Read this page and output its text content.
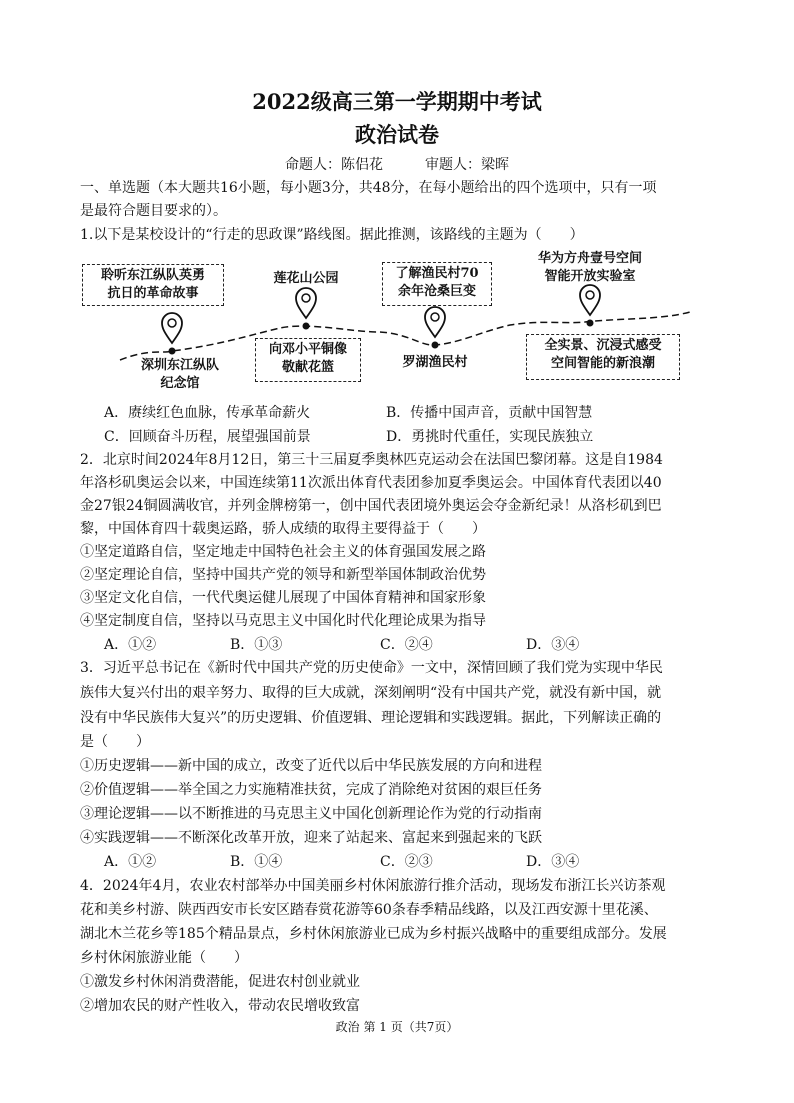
2022级高三第一学期期中考试
政治试卷
命题人：陈侣花　　　审题人：梁晖
一、单选题（本大题共16小题，每小题3分，共48分，在每小题给出的四个选项中，只有一项
是最符合题目要求的）。
1.以下是某校设计的“行走的思政课”路线图。据此推测，该路线的主题为（　　）
聆听东江纵队英勇
抗日的革命故事
深圳东江纵队
纪念馆
莲花山公园
向邓小平铜像
敬献花篮
了解渔民村70
余年沧桑巨变
罗湖渔民村
华为方舟壹号空间
智能开放实验室
全实景、沉浸式感受
空间智能的新浪潮
A．赓续红色血脉，传承革命薪火	B．传播中国声音，贡献中国智慧
C．回顾奋斗历程，展望强国前景	D．勇挑时代重任，实现民族独立
2．北京时间2024年8月12日，第三十三届夏季奥林匹克运动会在法国巴黎闭幕。这是自1984
年洛杉矶奥运会以来，中国连续第11次派出体育代表团参加夏季奥运会。中国体育代表团以40
金27银24铜圆满收官，并列金牌榜第一，创中国代表团境外奥运会夺金新纪录！从洛杉矶到巴
黎，中国体育四十载奥运路，骄人成绩的取得主要得益于（　　）
①坚定道路自信，坚定地走中国特色社会主义的体育强国发展之路
②坚定理论自信，坚持中国共产党的领导和新型举国体制政治优势
③坚定文化自信，一代代奥运健儿展现了中国体育精神和国家形象
④坚定制度自信，坚持以马克思主义中国化时代化理论成果为指导
A．①②	B．①③	C．②④	D．③④
3．习近平总书记在《新时代中国共产党的历史使命》一文中，深情回顾了我们党为实现中华民
族伟大复兴付出的艰辛努力、取得的巨大成就，深刻阐明“没有中国共产党，就没有新中国，就
没有中华民族伟大复兴”的历史逻辑、价值逻辑、理论逻辑和实践逻辑。据此，下列解读正确的
是（　　）
①历史逻辑——新中国的成立，改变了近代以后中华民族发展的方向和进程
②价值逻辑——举全国之力实施精准扶贫，完成了消除绝对贫困的艰巨任务
③理论逻辑——以不断推进的马克思主义中国化创新理论作为党的行动指南
④实践逻辑——不断深化改革开放，迎来了站起来、富起来到强起来的飞跃
A．①②	B．①④	C．②③	D．③④
4．2024年4月，农业农村部举办中国美丽乡村休闲旅游行推介活动，现场发布浙江长兴访茶观
花和美乡村游、陕西西安市长安区踏春赏花游等60条春季精品线路，以及江西安源十里花溪、
湖北木兰花乡等185个精品景点，乡村休闲旅游业已成为乡村振兴战略中的重要组成部分。发展
乡村休闲旅游业能（　　）
①激发乡村休闲消费潜能，促进农村创业就业
②增加农民的财产性收入，带动农民增收致富
政治 第 1 页（共7页）
